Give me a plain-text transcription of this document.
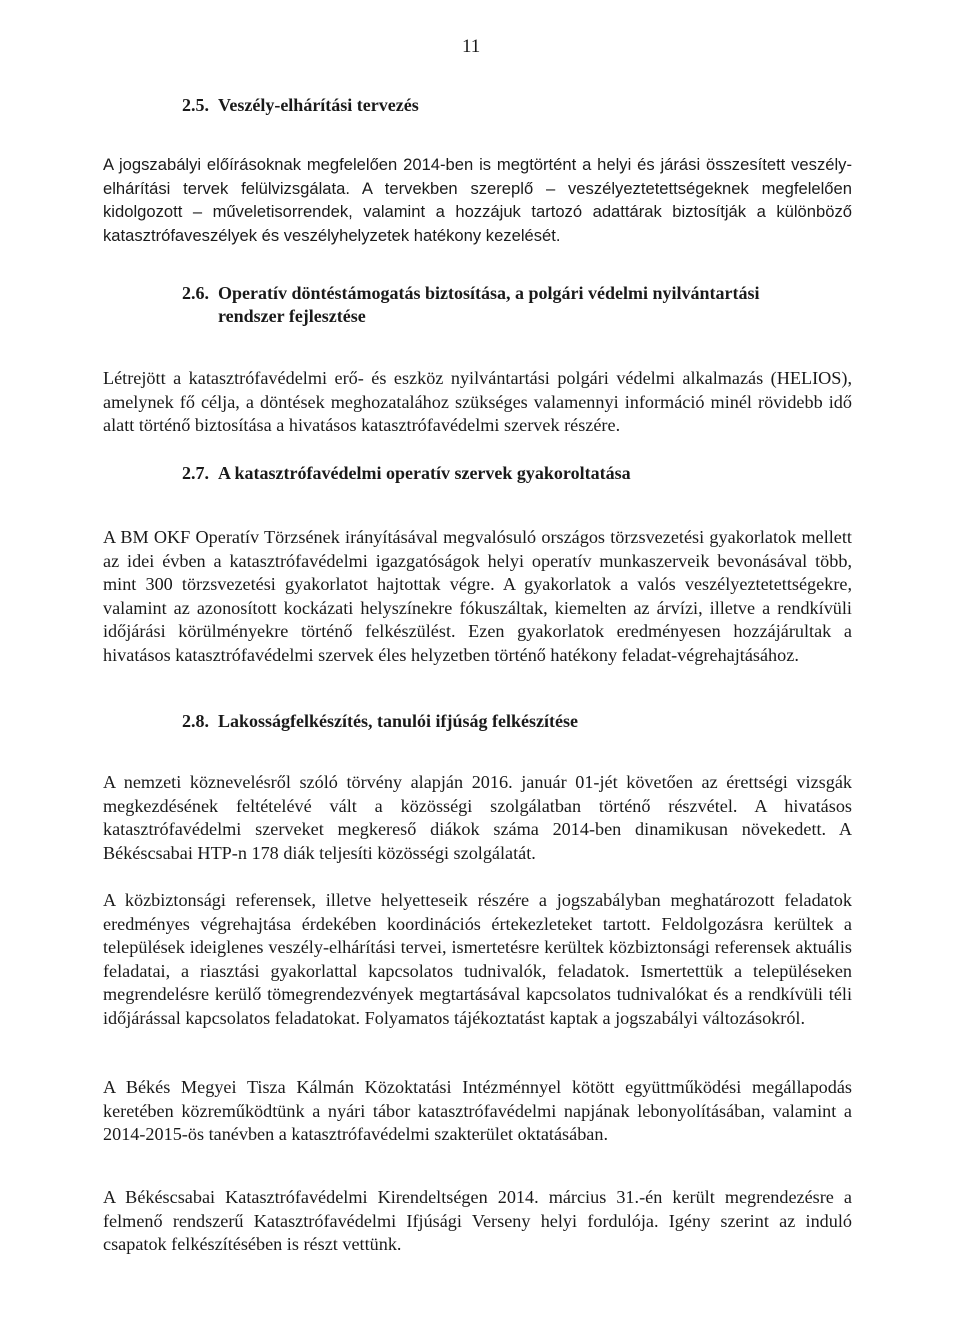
11
2.5. Veszély-elhárítási tervezés

A jogszabályi előírásoknak megfelelően 2014-ben is megtörtént a helyi és járási összesített veszély-elhárítási tervek felülvizsgálata. A tervekben szereplő – veszélyeztetettségeknek megfelelően kidolgozott – műveletisorrendek, valamint a hozzájuk tartozó adattárak biztosítják a különböző katasztrófaveszélyek és veszélyhelyzetek hatékony kezelését.

2.6. Operatív döntéstámogatás biztosítása, a polgári védelmi nyilvántartási
rendszer fejlesztése

Létrejött a katasztrófavédelmi erő- és eszköz nyilvántartási polgári védelmi alkalmazás (HELIOS), amelynek fő célja, a döntések meghozatalához szükséges valamennyi információ minél rövidebb idő alatt történő biztosítása a hivatásos katasztrófavédelmi szervek részére.

2.7. A katasztrófavédelmi operatív szervek gyakoroltatása

A BM OKF Operatív Törzsének irányításával megvalósuló országos törzsvezetési gyakorlatok mellett az idei évben a katasztrófavédelmi igazgatóságok helyi operatív munkaszerveik bevonásával több, mint 300 törzsvezetési gyakorlatot hajtottak végre. A gyakorlatok a valós veszélyeztetettségekre, valamint az azonosított kockázati helyszínekre fókuszáltak, kiemelten az árvízi, illetve a rendkívüli időjárási körülményekre történő felkészülést. Ezen gyakorlatok eredményesen hozzájárultak a hivatásos katasztrófavédelmi szervek éles helyzetben történő hatékony feladat-végrehajtásához.

2.8. Lakosságfelkészítés, tanulói ifjúság felkészítése

A nemzeti köznevelésről szóló törvény alapján 2016. január 01-jét követően az érettségi vizsgák megkezdésének feltételévé vált a közösségi szolgálatban történő részvétel. A hivatásos katasztrófavédelmi szerveket megkereső diákok száma 2014-ben dinamikusan növekedett. A Békéscsabai HTP-n 178 diák teljesíti közösségi szolgálatát.

A közbiztonsági referensek, illetve helyetteseik részére a jogszabályban meghatározott feladatok eredményes végrehajtása érdekében koordinációs értekezleteket tartott. Feldolgozásra kerültek a települések ideiglenes veszély-elhárítási tervei, ismertetésre kerültek közbiztonsági referensek aktuális feladatai, a riasztási gyakorlattal kapcsolatos tudnivalók, feladatok. Ismertettük a településeken megrendelésre kerülő tömegrendezvények megtartásával kapcsolatos tudnivalókat és a rendkívüli téli időjárással kapcsolatos feladatokat. Folyamatos tájékoztatást kaptak a jogszabályi változásokról.

A Békés Megyei Tisza Kálmán Közoktatási Intézménnyel kötött együttműködési megállapodás keretében közreműködtünk a nyári tábor katasztrófavédelmi napjának lebonyolításában, valamint a 2014-2015-ös tanévben a katasztrófavédelmi szakterület oktatásában.

A Békéscsabai Katasztrófavédelmi Kirendeltségen 2014. március 31.-én került megrendezésre a felmenő rendszerű Katasztrófavédelmi Ifjúsági Verseny helyi fordulója. Igény szerint az induló csapatok felkészítésében is részt vettünk.
